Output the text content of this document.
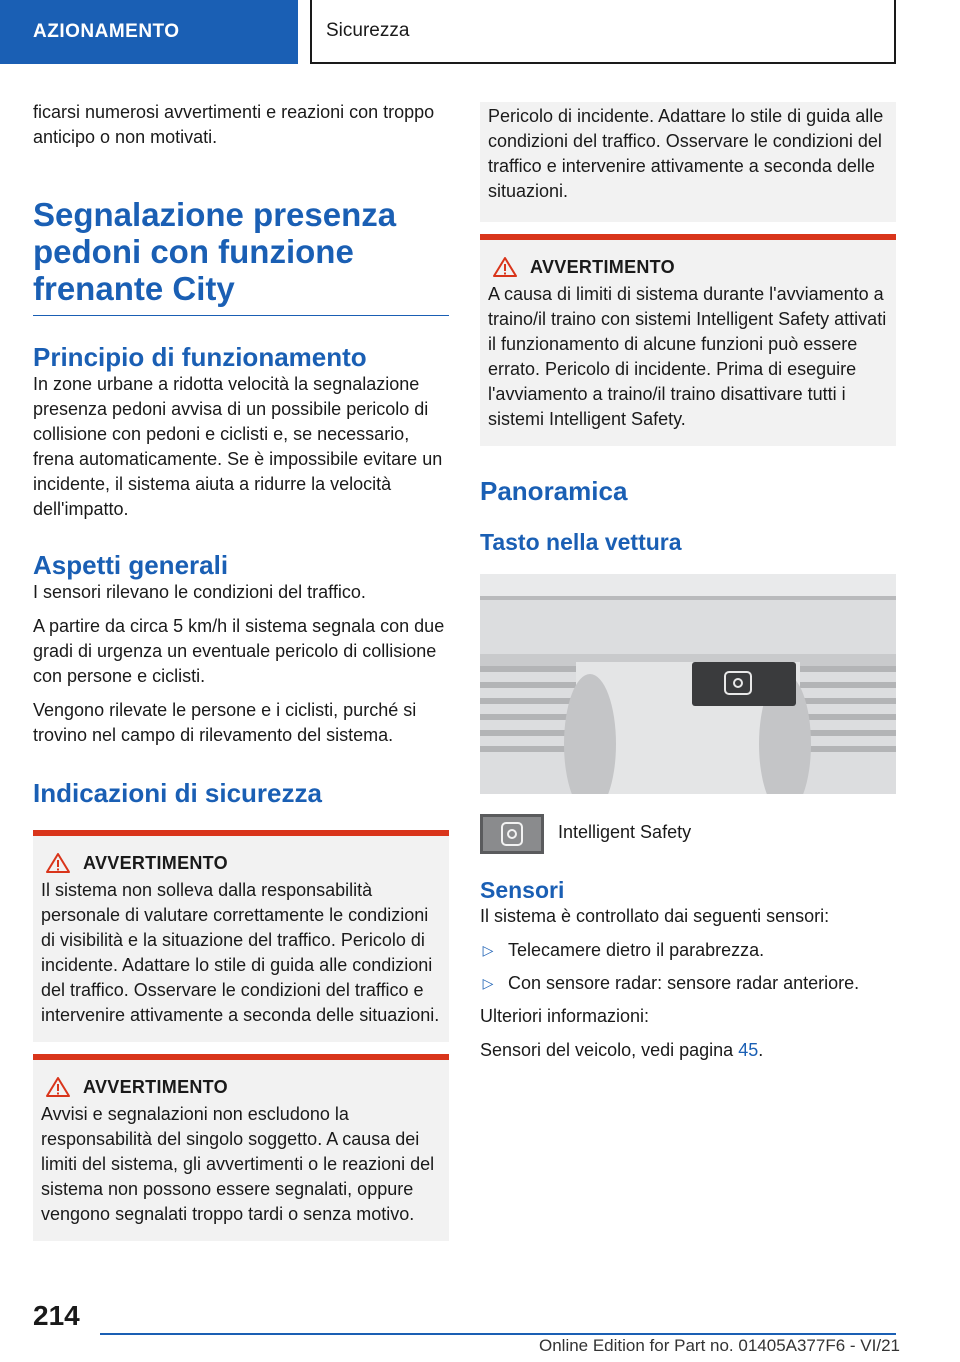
AZIONAMENTO	Sicurezza

ficarsi numerosi avvertimenti e reazioni con troppo anticipo o non motivati.

Segnalazione presenza pedoni con funzione frenante City
Principio di funzionamento

In zone urbane a ridotta velocità la segnalazione presenza pedoni avvisa di un possibile pericolo di collisione con pedoni e ciclisti e, se necessario, frena automaticamente. Se è impossibile evitare un incidente, il sistema aiuta a ridurre la velocità dell'impatto.

Aspetti generali

I sensori rilevano le condizioni del traffico.

A partire da circa 5 km/h il sistema segnala con due gradi di urgenza un eventuale pericolo di collisione con persone e ciclisti.

Vengono rilevate le persone e i ciclisti, purché si trovino nel campo di rilevamento del sistema.

Indicazioni di sicurezza
AVVERTIMENTO

Il sistema non solleva dalla responsabilità personale di valutare correttamente le condizioni di visibilità e la situazione del traffico. Pericolo di incidente. Adattare lo stile di guida alle condizioni del traffico. Osservare le condizioni del traffico e intervenire attivamente a seconda delle situazioni.

AVVERTIMENTO

Avvisi e segnalazioni non escludono la responsabilità del singolo soggetto. A causa dei limiti del sistema, gli avvertimenti o le reazioni del sistema non possono essere segnalati, oppure vengono segnalati troppo tardi o senza motivo.

Pericolo di incidente. Adattare lo stile di guida alle condizioni del traffico. Osservare le condizioni del traffico e intervenire attivamente a seconda delle situazioni.

AVVERTIMENTO

A causa di limiti di sistema durante l'avviamento a traino/il traino con sistemi Intelligent Safety attivati il funzionamento di alcune funzioni può essere errato. Pericolo di incidente. Prima di eseguire l'avviamento a traino/il traino disattivare tutti i sistemi Intelligent Safety.

Panoramica
Tasto nella vettura

Intelligent Safety

Sensori

Il sistema è controllato dai seguenti sensori:

▷ Telecamere dietro il parabrezza.
▷ Con sensore radar: sensore radar anteriore.

Ulteriori informazioni:

Sensori del veicolo, vedi pagina 45.

214
Online Edition for Part no. 01405A377F6 - VI/21
